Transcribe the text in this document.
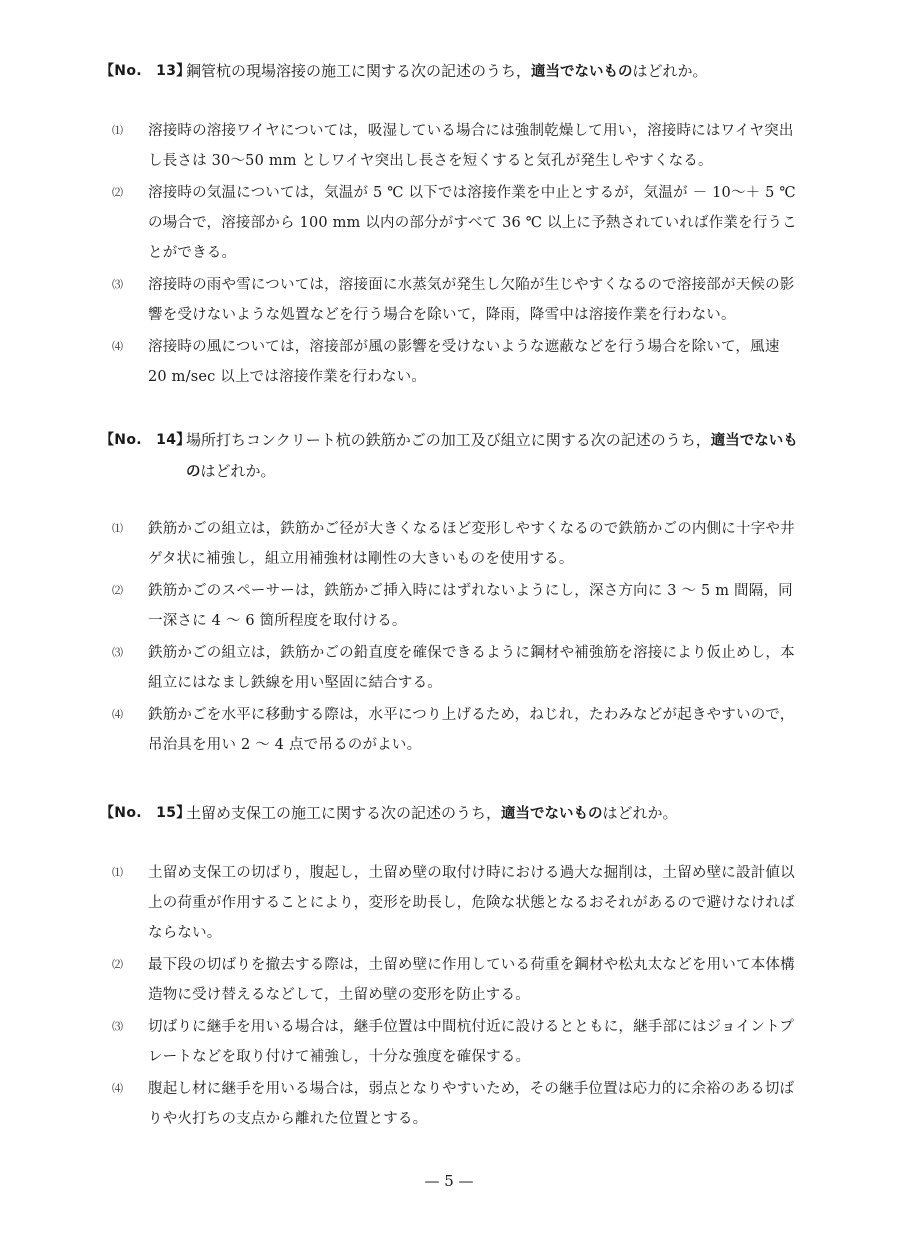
【No.　13】
鋼管杭の現場溶接の施工に関する次の記述のうち，適当でないものはどれか。
⑴	溶接時の溶接ワイヤについては，吸湿している場合には強制乾燥して用い，溶接時にはワイヤ突出し長さは 30〜50 mm としワイヤ突出し長さを短くすると気孔が発生しやすくなる。
⑵	溶接時の気温については，気温が 5 ℃ 以下では溶接作業を中止とするが，気温が － 10〜＋ 5 ℃ の場合で，溶接部から 100 mm 以内の部分がすべて 36 ℃ 以上に予熱されていれば作業を行うことができる。
⑶	溶接時の雨や雪については，溶接面に水蒸気が発生し欠陥が生じやすくなるので溶接部が天候の影響を受けないような処置などを行う場合を除いて，降雨，降雪中は溶接作業を行わない。
⑷	溶接時の風については，溶接部が風の影響を受けないような遮蔽などを行う場合を除いて，風速 20 m/sec 以上では溶接作業を行わない。
【No.　14】
場所打ちコンクリート杭の鉄筋かごの加工及び組立に関する次の記述のうち，適当でないものはどれか。
⑴	鉄筋かごの組立は，鉄筋かご径が大きくなるほど変形しやすくなるので鉄筋かごの内側に十字や井ゲタ状に補強し，組立用補強材は剛性の大きいものを使用する。
⑵	鉄筋かごのスペーサーは，鉄筋かご挿入時にはずれないようにし，深さ方向に 3 〜 5 m 間隔，同一深さに 4 〜 6 箇所程度を取付ける。
⑶	鉄筋かごの組立は，鉄筋かごの鉛直度を確保できるように鋼材や補強筋を溶接により仮止めし，本組立にはなまし鉄線を用い堅固に結合する。
⑷	鉄筋かごを水平に移動する際は，水平につり上げるため，ねじれ，たわみなどが起きやすいので，吊治具を用い 2 〜 4 点で吊るのがよい。
【No.　15】
土留め支保工の施工に関する次の記述のうち，適当でないものはどれか。
⑴	土留め支保工の切ばり，腹起し，土留め壁の取付け時における過大な掘削は，土留め壁に設計値以上の荷重が作用することにより，変形を助長し，危険な状態となるおそれがあるので避けなければならない。
⑵	最下段の切ばりを撤去する際は，土留め壁に作用している荷重を鋼材や松丸太などを用いて本体構造物に受け替えるなどして，土留め壁の変形を防止する。
⑶	切ばりに継手を用いる場合は，継手位置は中間杭付近に設けるとともに，継手部にはジョイントプレートなどを取り付けて補強し，十分な強度を確保する。
⑷	腹起し材に継手を用いる場合は，弱点となりやすいため，その継手位置は応力的に余裕のある切ばりや火打ちの支点から離れた位置とする。
— 5 —
